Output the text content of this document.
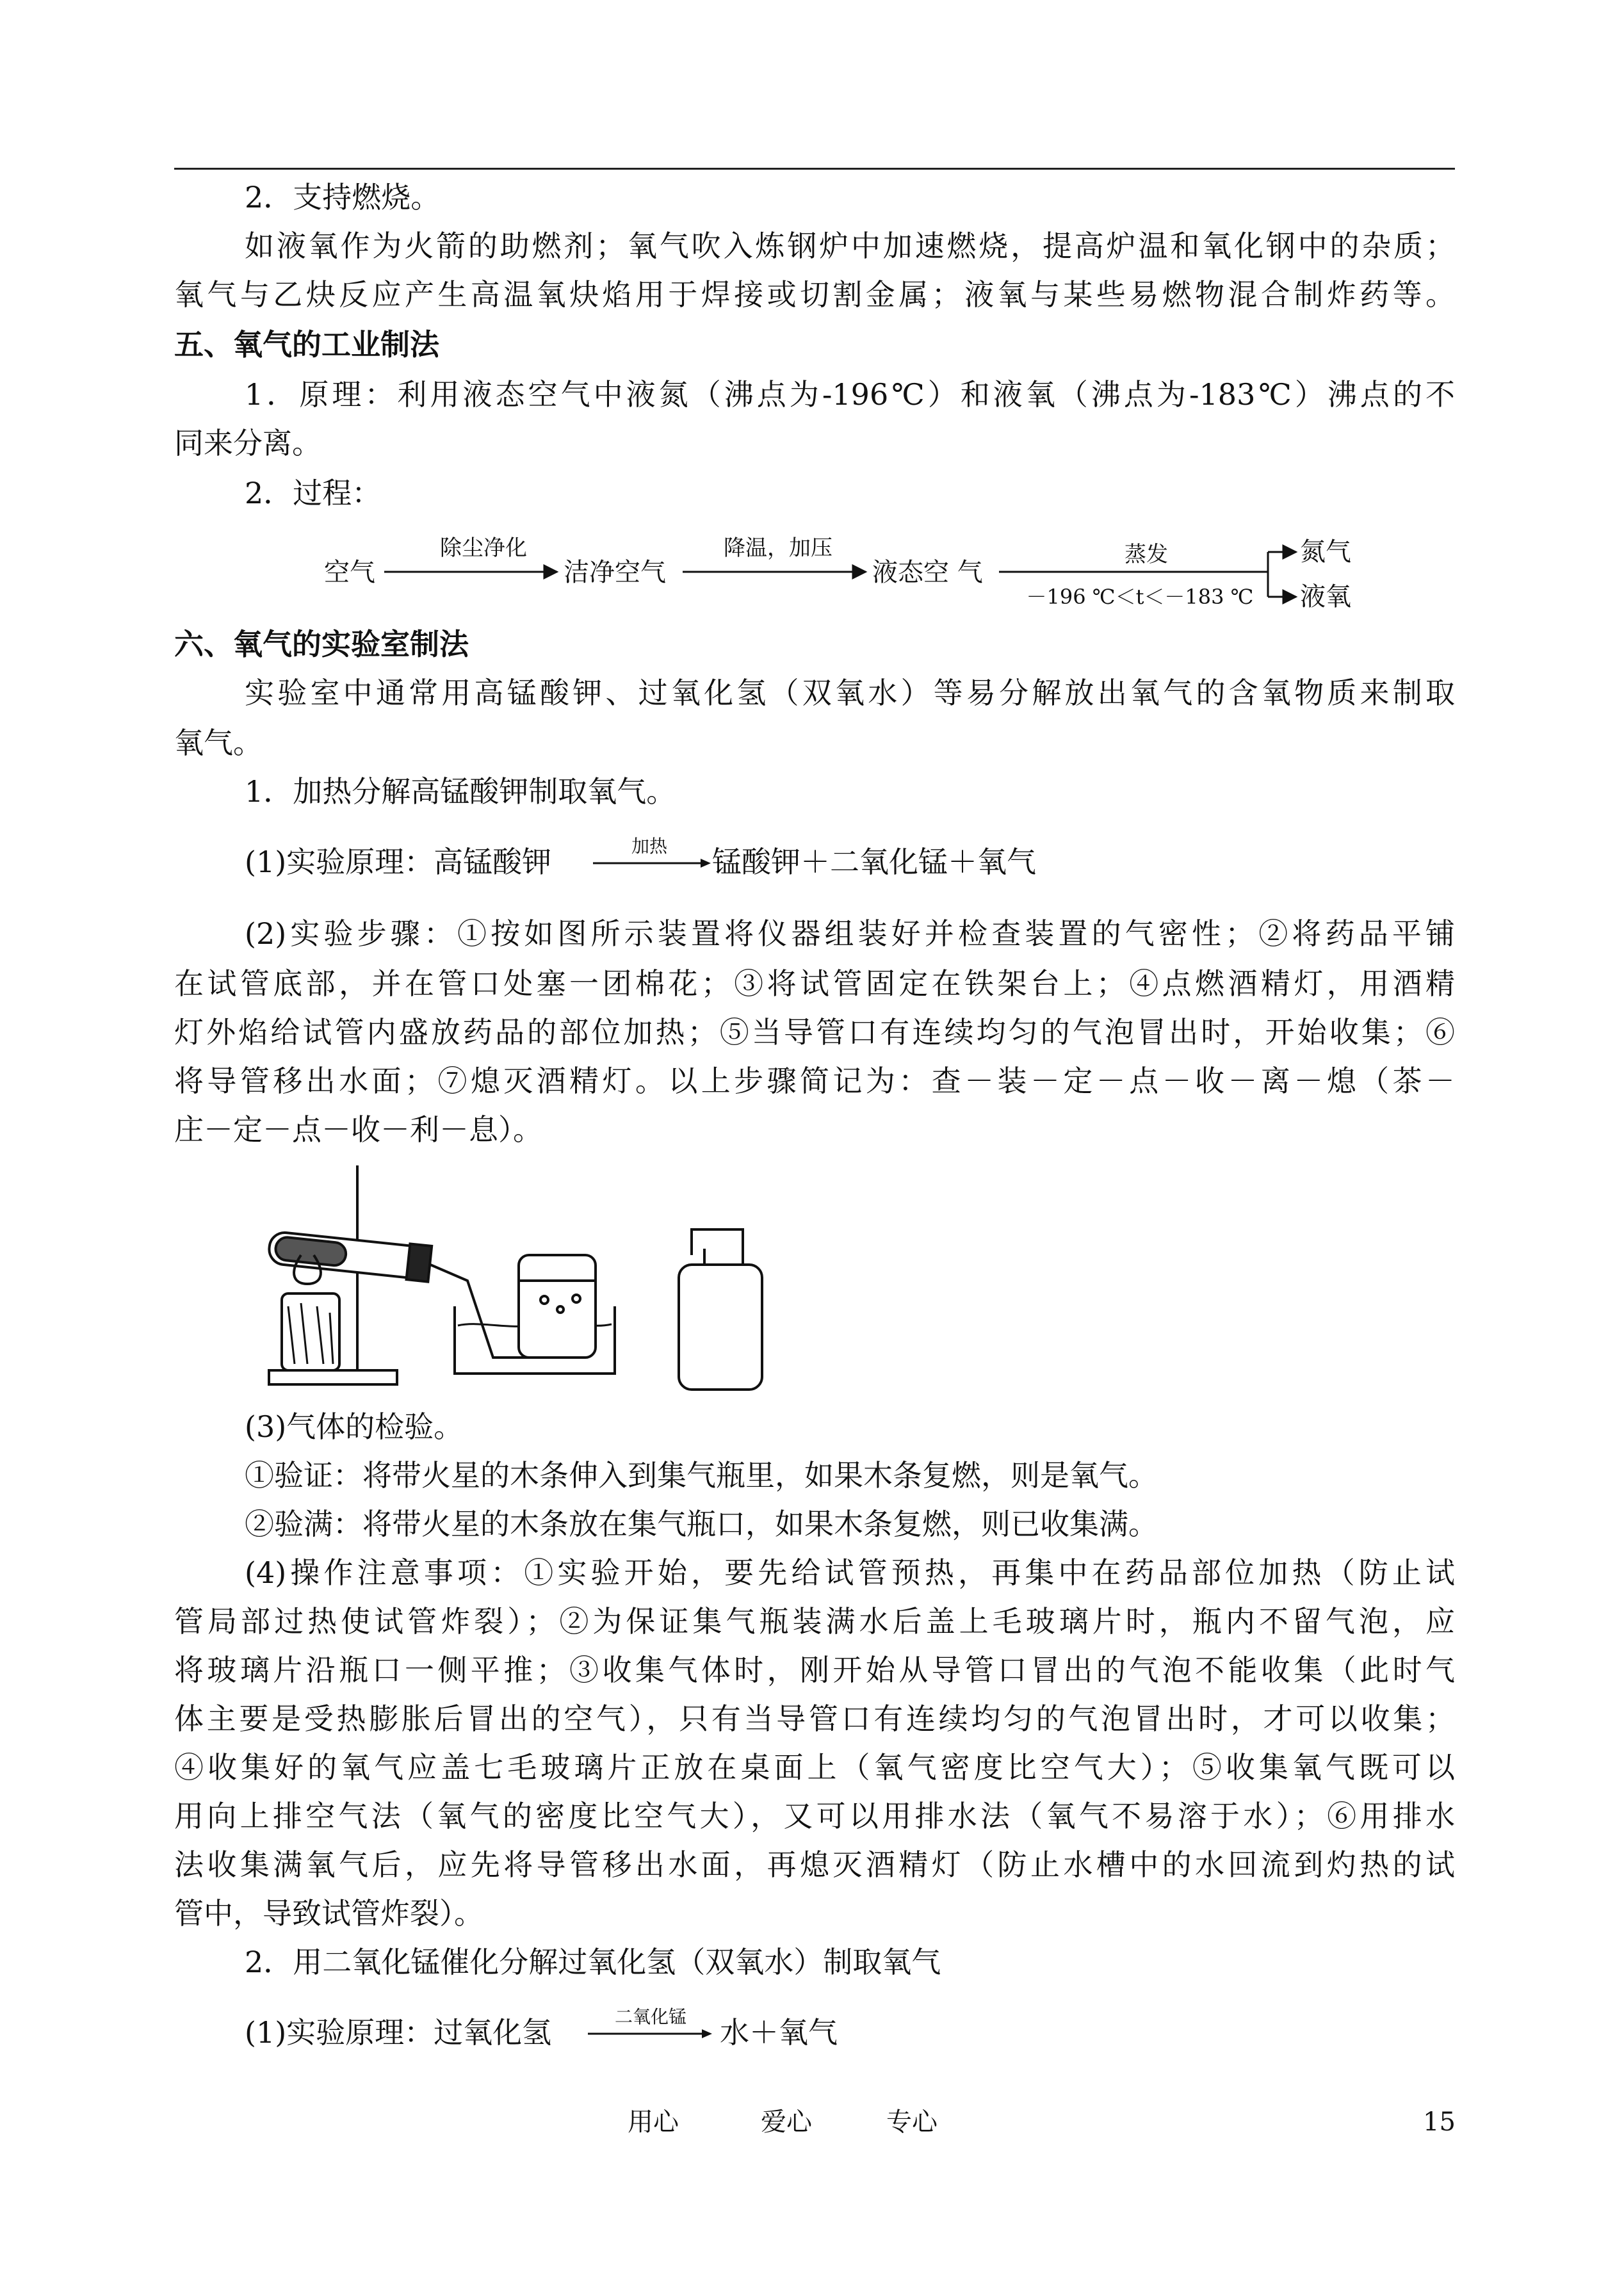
2．支持燃烧。
如液氧作为火箭的助燃剂；氧气吹入炼钢炉中加速燃烧，提高炉温和氧化钢中的杂质；
氧气与乙炔反应产生高温氧炔焰用于焊接或切割金属；液氧与某些易燃物混合制炸药等。
五、氧气的工业制法
1．原理：利用液态空气中液氮（沸点为-196℃）和液氧（沸点为-183℃）沸点的不
同来分离。
2．过程：
空气
除尘净化
洁净空气
降温，加压
液态空 气
蒸发
－196 ℃＜t＜－183 ℃
氮气
液氧
六、氧气的实验室制法
实验室中通常用高锰酸钾、过氧化氢（双氧水）等易分解放出氧气的含氧物质来制取
氧气。
1．加热分解高锰酸钾制取氧气。
(1)实验原理：高锰酸钾	加热	锰酸钾＋二氧化锰＋氧气
(2)实验步骤：①按如图所示装置将仪器组装好并检查装置的气密性；②将药品平铺
在试管底部，并在管口处塞一团棉花；③将试管固定在铁架台上；④点燃酒精灯，用酒精
灯外焰给试管内盛放药品的部位加热；⑤当导管口有连续均匀的气泡冒出时，开始收集；⑥
将导管移出水面；⑦熄灭酒精灯。以上步骤简记为：查－装－定－点－收－离－熄（茶－
庄－定－点－收－利－息）。
(3)气体的检验。
①验证：将带火星的木条伸入到集气瓶里，如果木条复燃，则是氧气。
②验满：将带火星的木条放在集气瓶口，如果木条复燃，则已收集满。
(4)操作注意事项：①实验开始，要先给试管预热，再集中在药品部位加热（防止试
管局部过热使试管炸裂）；②为保证集气瓶装满水后盖上毛玻璃片时，瓶内不留气泡，应
将玻璃片沿瓶口一侧平推；③收集气体时，刚开始从导管口冒出的气泡不能收集（此时气
体主要是受热膨胀后冒出的空气），只有当导管口有连续均匀的气泡冒出时，才可以收集；
④收集好的氧气应盖七毛玻璃片正放在桌面上（氧气密度比空气大）；⑤收集氧气既可以
用向上排空气法（氧气的密度比空气大），又可以用排水法（氧气不易溶于水）；⑥用排水
法收集满氧气后，应先将导管移出水面，再熄灭酒精灯（防止水槽中的水回流到灼热的试
管中，导致试管炸裂）。
2．用二氧化锰催化分解过氧化氢（双氧水）制取氧气
(1)实验原理：过氧化氢	二氧化锰	水＋氧气
用心	爱心	专心	15
